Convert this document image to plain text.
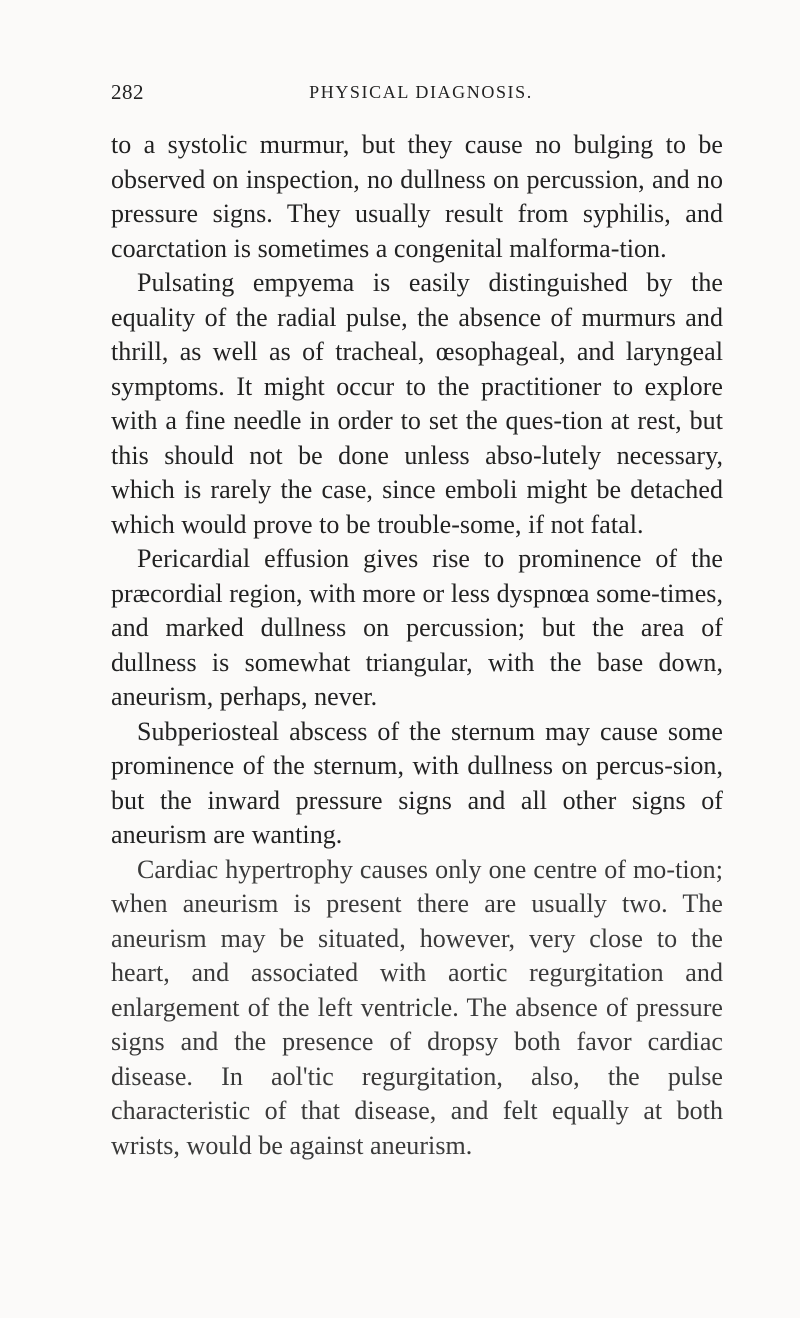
282	PHYSICAL DIAGNOSIS.

to a systolic murmur, but they cause no bulging to be observed on inspection, no dullness on percussion, and no pressure signs. They usually result from syphilis, and coarctation is sometimes a congenital malforma-tion.

Pulsating empyema is easily distinguished by the equality of the radial pulse, the absence of murmurs and thrill, as well as of tracheal, œsophageal, and laryngeal symptoms. It might occur to the practitioner to explore with a fine needle in order to set the ques-tion at rest, but this should not be done unless abso-lutely necessary, which is rarely the case, since emboli might be detached which would prove to be trouble-some, if not fatal.

Pericardial effusion gives rise to prominence of the præcordial region, with more or less dyspnœa some-times, and marked dullness on percussion; but the area of dullness is somewhat triangular, with the base down, aneurism, perhaps, never.

Subperiosteal abscess of the sternum may cause some prominence of the sternum, with dullness on percus-sion, but the inward pressure signs and all other signs of aneurism are wanting.

Cardiac hypertrophy causes only one centre of mo-tion; when aneurism is present there are usually two. The aneurism may be situated, however, very close to the heart, and associated with aortic regurgitation and enlargement of the left ventricle. The absence of pressure signs and the presence of dropsy both favor cardiac disease. In aol'tic regurgitation, also, the pulse characteristic of that disease, and felt equally at both wrists, would be against aneurism.
